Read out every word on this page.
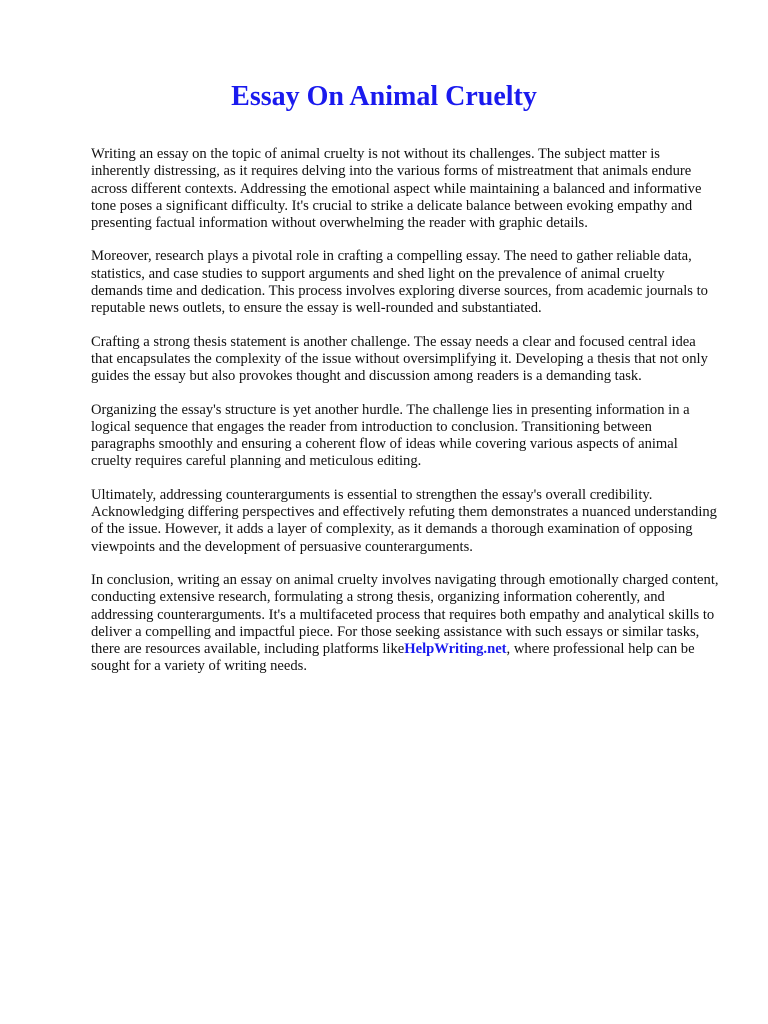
Essay On Animal Cruelty

Writing an essay on the topic of animal cruelty is not without its challenges. The subject matter is inherently distressing, as it requires delving into the various forms of mistreatment that animals endure across different contexts. Addressing the emotional aspect while maintaining a balanced and informative tone poses a significant difficulty. It's crucial to strike a delicate balance between evoking empathy and presenting factual information without overwhelming the reader with graphic details.

Moreover, research plays a pivotal role in crafting a compelling essay. The need to gather reliable data, statistics, and case studies to support arguments and shed light on the prevalence of animal cruelty demands time and dedication. This process involves exploring diverse sources, from academic journals to reputable news outlets, to ensure the essay is well-rounded and substantiated.

Crafting a strong thesis statement is another challenge. The essay needs a clear and focused central idea that encapsulates the complexity of the issue without oversimplifying it. Developing a thesis that not only guides the essay but also provokes thought and discussion among readers is a demanding task.

Organizing the essay's structure is yet another hurdle. The challenge lies in presenting information in a logical sequence that engages the reader from introduction to conclusion. Transitioning between paragraphs smoothly and ensuring a coherent flow of ideas while covering various aspects of animal cruelty requires careful planning and meticulous editing.

Ultimately, addressing counterarguments is essential to strengthen the essay's overall credibility. Acknowledging differing perspectives and effectively refuting them demonstrates a nuanced understanding of the issue. However, it adds a layer of complexity, as it demands a thorough examination of opposing viewpoints and the development of persuasive counterarguments.

In conclusion, writing an essay on animal cruelty involves navigating through emotionally charged content, conducting extensive research, formulating a strong thesis, organizing information coherently, and addressing counterarguments. It's a multifaceted process that requires both empathy and analytical skills to deliver a compelling and impactful piece. For those seeking assistance with such essays or similar tasks, there are resources available, including platforms likeHelpWriting.net, where professional help can be sought for a variety of writing needs.
